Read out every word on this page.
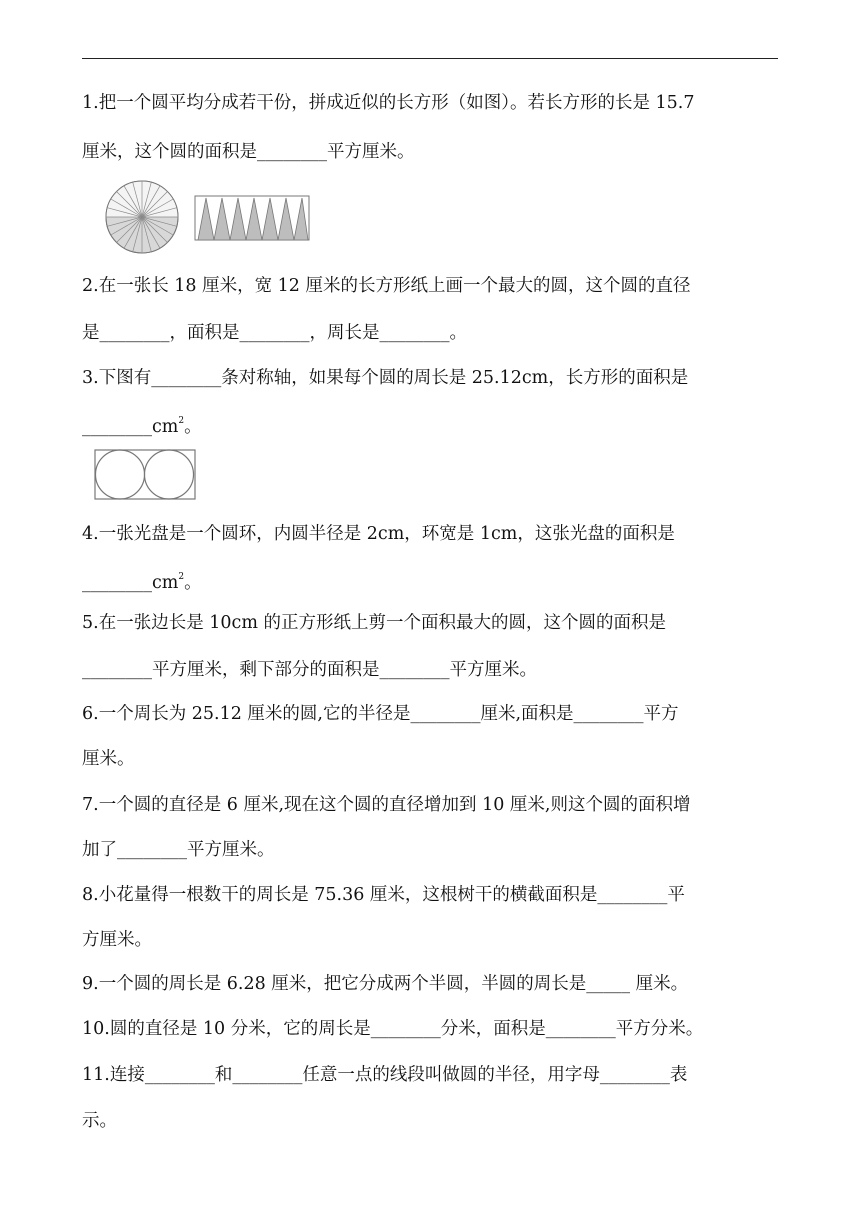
1.把一个圆平均分成若干份，拼成近似的长方形（如图）。若长方形的长是 15.7
厘米，这个圆的面积是________平方厘米。
2.在一张长 18 厘米，宽 12 厘米的长方形纸上画一个最大的圆，这个圆的直径
是________，面积是________，周长是________。
3.下图有________条对称轴，如果每个圆的周长是 25.12cm，长方形的面积是
$\_\_\_\_\_\_\_\_cm^2$。
4.一张光盘是一个圆环，内圆半径是 2cm，环宽是 1cm，这张光盘的面积是
$\_\_\_\_\_\_\_\_cm^2$。
5.在一张边长是 10cm 的正方形纸上剪一个面积最大的圆，这个圆的面积是
________平方厘米，剩下部分的面积是________平方厘米。
6.一个周长为 25.12 厘米的圆,它的半径是________厘米,面积是________平方
厘米。
7.一个圆的直径是 6 厘米,现在这个圆的直径增加到 10 厘米,则这个圆的面积增
加了________平方厘米。
8.小花量得一根数干的周长是 75.36 厘米，这根树干的横截面积是________平
方厘米。
9.一个圆的周长是 6.28 厘米，把它分成两个半圆，半圆的周长是_____ 厘米。
10.圆的直径是 10 分米，它的周长是________分米，面积是________平方分米。
11.连接________和________任意一点的线段叫做圆的半径，用字母________表
示。
